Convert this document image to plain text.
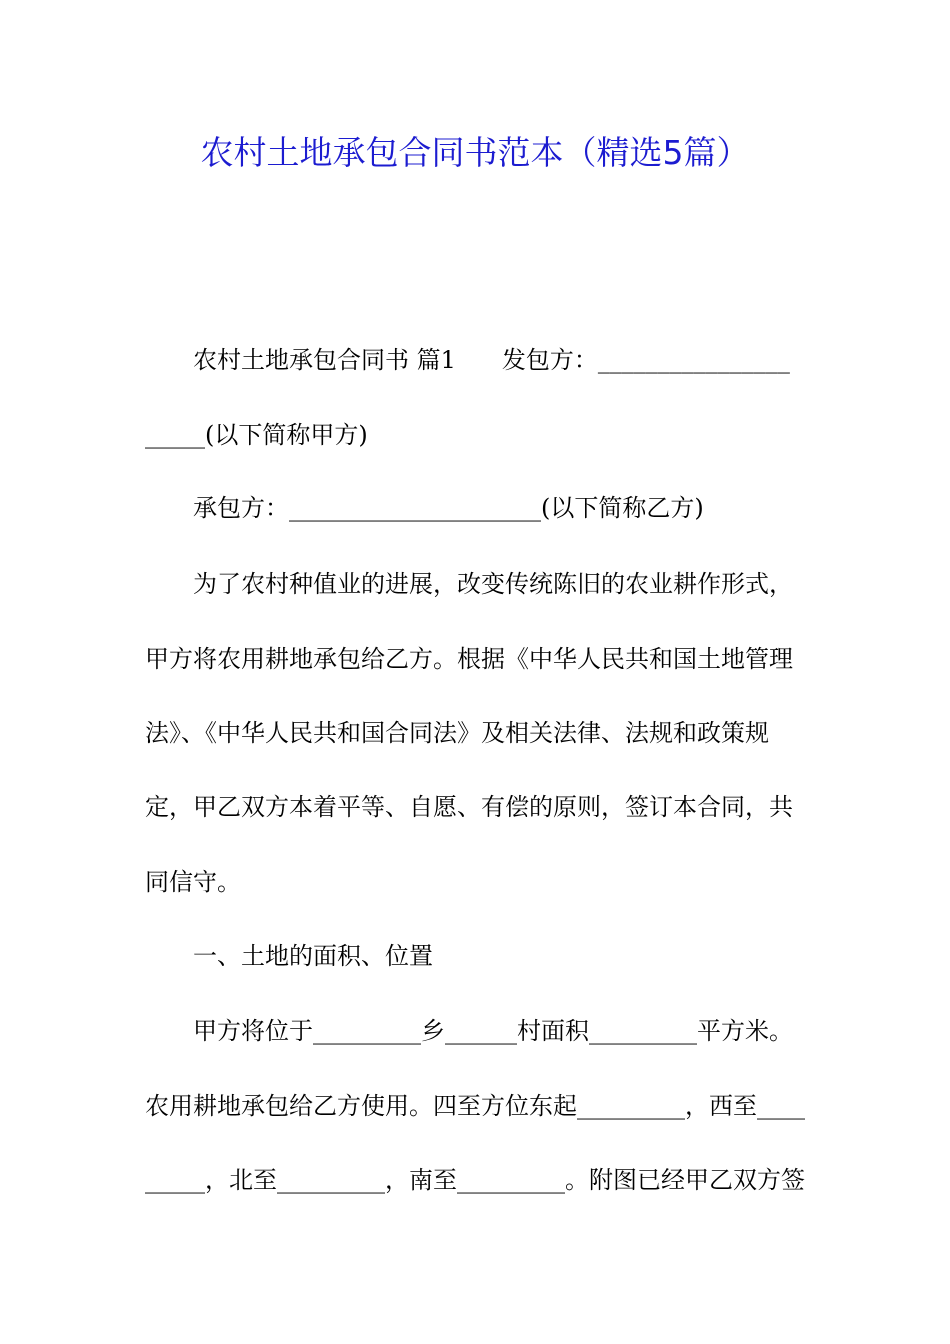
农村土地承包合同书范本（精选5篇）

农村土地承包合同书 篇1 发包方：________________

_____(以下简称甲方)

承包方：_____________________(以下简称乙方)

为了农村种值业的进展，改变传统陈旧的农业耕作形式，

甲方将农用耕地承包给乙方。根据《中华人民共和国土地管理

法》、《中华人民共和国合同法》及相关法律、法规和政策规

定，甲乙双方本着平等、自愿、有偿的原则，签订本合同，共

同信守。

一、土地的面积、位置

甲方将位于_________乡______村面积_________平方米。

农用耕地承包给乙方使用。四至方位东起_________，西至____

_____，北至_________，南至_________。附图已经甲乙双方签
